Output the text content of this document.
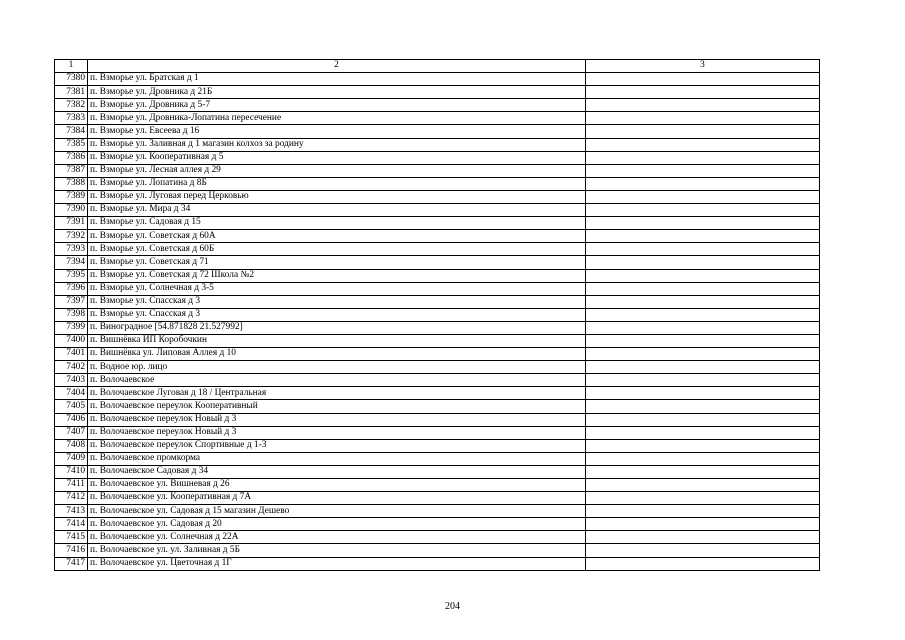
1	2	3
7380	п. Взморье ул. Братская д 1	
7381	п. Взморье ул. Дровника д 21Б	
7382	п. Взморье ул. Дровника д 5-7	
7383	п. Взморье ул. Дровника-Лопатина пересечение	
7384	п. Взморье ул. Евсеева д 16	
7385	п. Взморье ул. Заливная д 1 магазин колхоз за родину	
7386	п. Взморье ул. Кооперативная д 5	
7387	п. Взморье ул. Лесная аллея д 29	
7388	п. Взморье ул. Лопатина д 8Б	
7389	п. Взморье ул. Луговая перед Церковью	
7390	п. Взморье ул. Мира д 34	
7391	п. Взморье ул. Садовая д 15	
7392	п. Взморье ул. Советская д 60А	
7393	п. Взморье ул. Советская д 60Б	
7394	п. Взморье ул. Советская д 71	
7395	п. Взморье ул. Советская д 72 Школа №2	
7396	п. Взморье ул. Солнечная д 3-5	
7397	п. Взморье ул. Спасская д 3	
7398	п. Взморье ул. Спасская д 3	
7399	п. Виноградное [54.871828 21.527992]	
7400	п. Вишнёвка ИП Коробочкин	
7401	п. Вишнёвка ул. Липовая Аллея д 10	
7402	п. Водное юр. лицо	
7403	п. Волочаевское	
7404	п. Волочаевское Луговая д 18 / Центральная	
7405	п. Волочаевское переулок Кооперативный	
7406	п. Волочаевское переулок Новый д 3	
7407	п. Волочаевское переулок Новый д 3	
7408	п. Волочаевское переулок Спортивные д 1-3	
7409	п. Волочаевское промкорма	
7410	п. Волочаевское Садовая д 34	
7411	п. Волочаевское ул. Вишневая д 26	
7412	п. Волочаевское ул. Кооперативная д 7А	
7413	п. Волочаевское ул. Садовая д 15 магазин Дешево	
7414	п. Волочаевское ул. Садовая д 20	
7415	п. Волочаевское ул. Солнечная д 22А	
7416	п. Волочаевское ул. ул. Заливная д 5Б	
7417	п. Волочаевское ул. Цветочная д 1Г	
204
